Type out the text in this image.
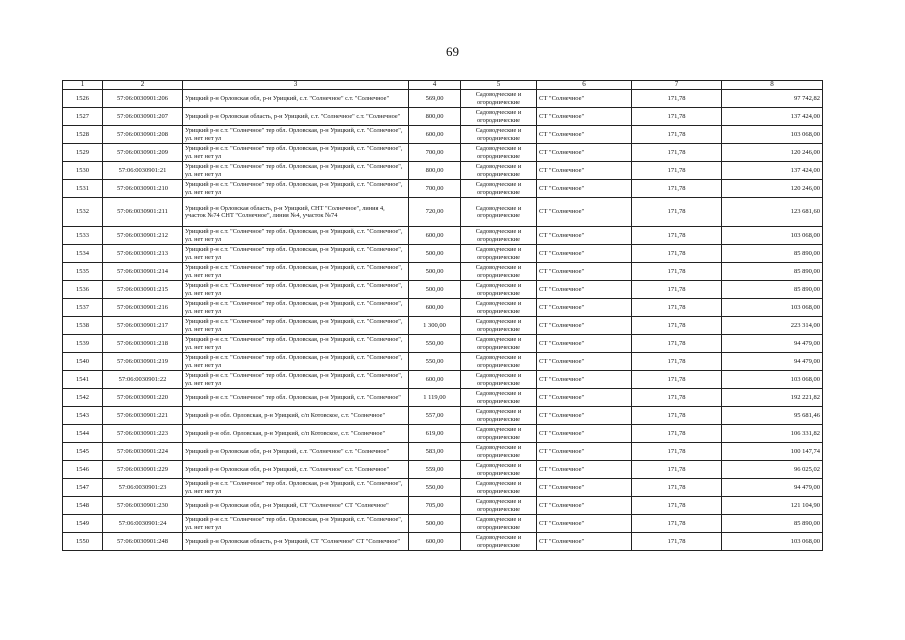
69
1	2	3	4	5	6	7	8
1526	57:06:0030901:206	Урицкий р-н Орловская обл, р-н Урицкий, с.т. "Солнечное" с.т. "Солнечное"	569,00	Садоводческие и огороднические	СТ "Солнечное"	171,78	97 742,82
1527	57:06:0030901:207	Урицкий р-н Орловская область, р-н Урицкий, с.т. "Солнечное" с.т. "Солнечное"	800,00	Садоводческие и огороднические	СТ "Солнечное"	171,78	137 424,00
1528	57:06:0030901:208	Урицкий р-н с.т. "Солнечное" тер обл. Орловская, р-н Урицкий, с.т. "Солнечное", ул. нет нет ул	600,00	Садоводческие и огороднические	СТ "Солнечное"	171,78	103 068,00
1529	57:06:0030901:209	Урицкий р-н с.т. "Солнечное" тер обл. Орловская, р-н Урицкий, с.т. "Солнечное", ул. нет нет ул	700,00	Садоводческие и огороднические	СТ "Солнечное"	171,78	120 246,00
1530	57:06:0030901:21	Урицкий р-н с.т. "Солнечное" тер обл. Орловская, р-н Урицкий, с.т. "Солнечное", ул. нет нет ул	800,00	Садоводческие и огороднические	СТ "Солнечное"	171,78	137 424,00
1531	57:06:0030901:210	Урицкий р-н с.т. "Солнечное" тер обл. Орловская, р-н Урицкий, с.т. "Солнечное", ул. нет нет ул	700,00	Садоводческие и огороднические	СТ "Солнечное"	171,78	120 246,00
1532	57:06:0030901:211	Урицкий р-н Орловская область, р-н Урицкий, СНТ "Солнечное", линия 4, участок №74 СНТ "Солнечное", линия №4, участок №74	720,00	Садоводческие и огороднические	СТ "Солнечное"	171,78	123 681,60
1533	57:06:0030901:212	Урицкий р-н с.т. "Солнечное" тер обл. Орловская, р-н Урицкий, с.т. "Солнечное", ул. нет нет ул	600,00	Садоводческие и огороднические	СТ "Солнечное"	171,78	103 068,00
1534	57:06:0030901:213	Урицкий р-н с.т. "Солнечное" тер обл. Орловская, р-н Урицкий, с.т. "Солнечное", ул. нет нет ул	500,00	Садоводческие и огороднические	СТ "Солнечное"	171,78	85 890,00
1535	57:06:0030901:214	Урицкий р-н с.т. "Солнечное" тер обл. Орловская, р-н Урицкий, с.т. "Солнечное", ул. нет нет ул	500,00	Садоводческие и огороднические	СТ "Солнечное"	171,78	85 890,00
1536	57:06:0030901:215	Урицкий р-н с.т. "Солнечное" тер обл. Орловская, р-н Урицкий, с.т. "Солнечное", ул. нет нет ул	500,00	Садоводческие и огороднические	СТ "Солнечное"	171,78	85 890,00
1537	57:06:0030901:216	Урицкий р-н с.т. "Солнечное" тер обл. Орловская, р-н Урицкий, с.т. "Солнечное", ул. нет нет ул	600,00	Садоводческие и огороднические	СТ "Солнечное"	171,78	103 068,00
1538	57:06:0030901:217	Урицкий р-н с.т. "Солнечное" тер обл. Орловская, р-н Урицкий, с.т. "Солнечное", ул. нет нет ул	1 300,00	Садоводческие и огороднические	СТ "Солнечное"	171,78	223 314,00
1539	57:06:0030901:218	Урицкий р-н с.т. "Солнечное" тер обл. Орловская, р-н Урицкий, с.т. "Солнечное", ул. нет нет ул	550,00	Садоводческие и огороднические	СТ "Солнечное"	171,78	94 479,00
1540	57:06:0030901:219	Урицкий р-н с.т. "Солнечное" тер обл. Орловская, р-н Урицкий, с.т. "Солнечное", ул. нет нет ул	550,00	Садоводческие и огороднические	СТ "Солнечное"	171,78	94 479,00
1541	57:06:0030901:22	Урицкий р-н с.т. "Солнечное" тер обл. Орловская, р-н Урицкий, с.т. "Солнечное", ул. нет нет ул	600,00	Садоводческие и огороднические	СТ "Солнечное"	171,78	103 068,00
1542	57:06:0030901:220	Урицкий р-н с.т. "Солнечное" тер обл. Орловская, р-н Урицкий, с.т. "Солнечное"	1 119,00	Садоводческие и огороднические	СТ "Солнечное"	171,78	192 221,82
1543	57:06:0030901:221	Урицкий р-н обл. Орловская, р-н Урицкий, с/п Котовское, с.т. "Солнечное"	557,00	Садоводческие и огороднические	СТ "Солнечное"	171,78	95 681,46
1544	57:06:0030901:223	Урицкий р-н обл. Орловская, р-н Урицкий, с/п Котовское, с.т. "Солнечное"	619,00	Садоводческие и огороднические	СТ "Солнечное"	171,78	106 331,82
1545	57:06:0030901:224	Урицкий р-н Орловская обл, р-н Урицкий, с.т. "Солнечное" с.т. "Солнечное"	583,00	Садоводческие и огороднические	СТ "Солнечное"	171,78	100 147,74
1546	57:06:0030901:229	Урицкий р-н Орловская обл, р-н Урицкий, с.т. "Солнечное" с.т. "Солнечное"	559,00	Садоводческие и огороднические	СТ "Солнечное"	171,78	96 025,02
1547	57:06:0030901:23	Урицкий р-н с.т. "Солнечное" тер обл. Орловская, р-н Урицкий, с.т. "Солнечное", ул. нет нет ул	550,00	Садоводческие и огороднические	СТ "Солнечное"	171,78	94 479,00
1548	57:06:0030901:230	Урицкий р-н Орловская обл, р-н Урицкий, СТ "Солнечное" СТ "Солнечное"	705,00	Садоводческие и огороднические	СТ "Солнечное"	171,78	121 104,90
1549	57:06:0030901:24	Урицкий р-н с.т. "Солнечное" тер обл. Орловская, р-н Урицкий, с.т. "Солнечное", ул. нет нет ул	500,00	Садоводческие и огороднические	СТ "Солнечное"	171,78	85 890,00
1550	57:06:0030901:248	Урицкий р-н Орловская область, р-н Урицкий, СТ "Солнечное" СТ "Солнечное"	600,00	Садоводческие и огороднические	СТ "Солнечное"	171,78	103 068,00
